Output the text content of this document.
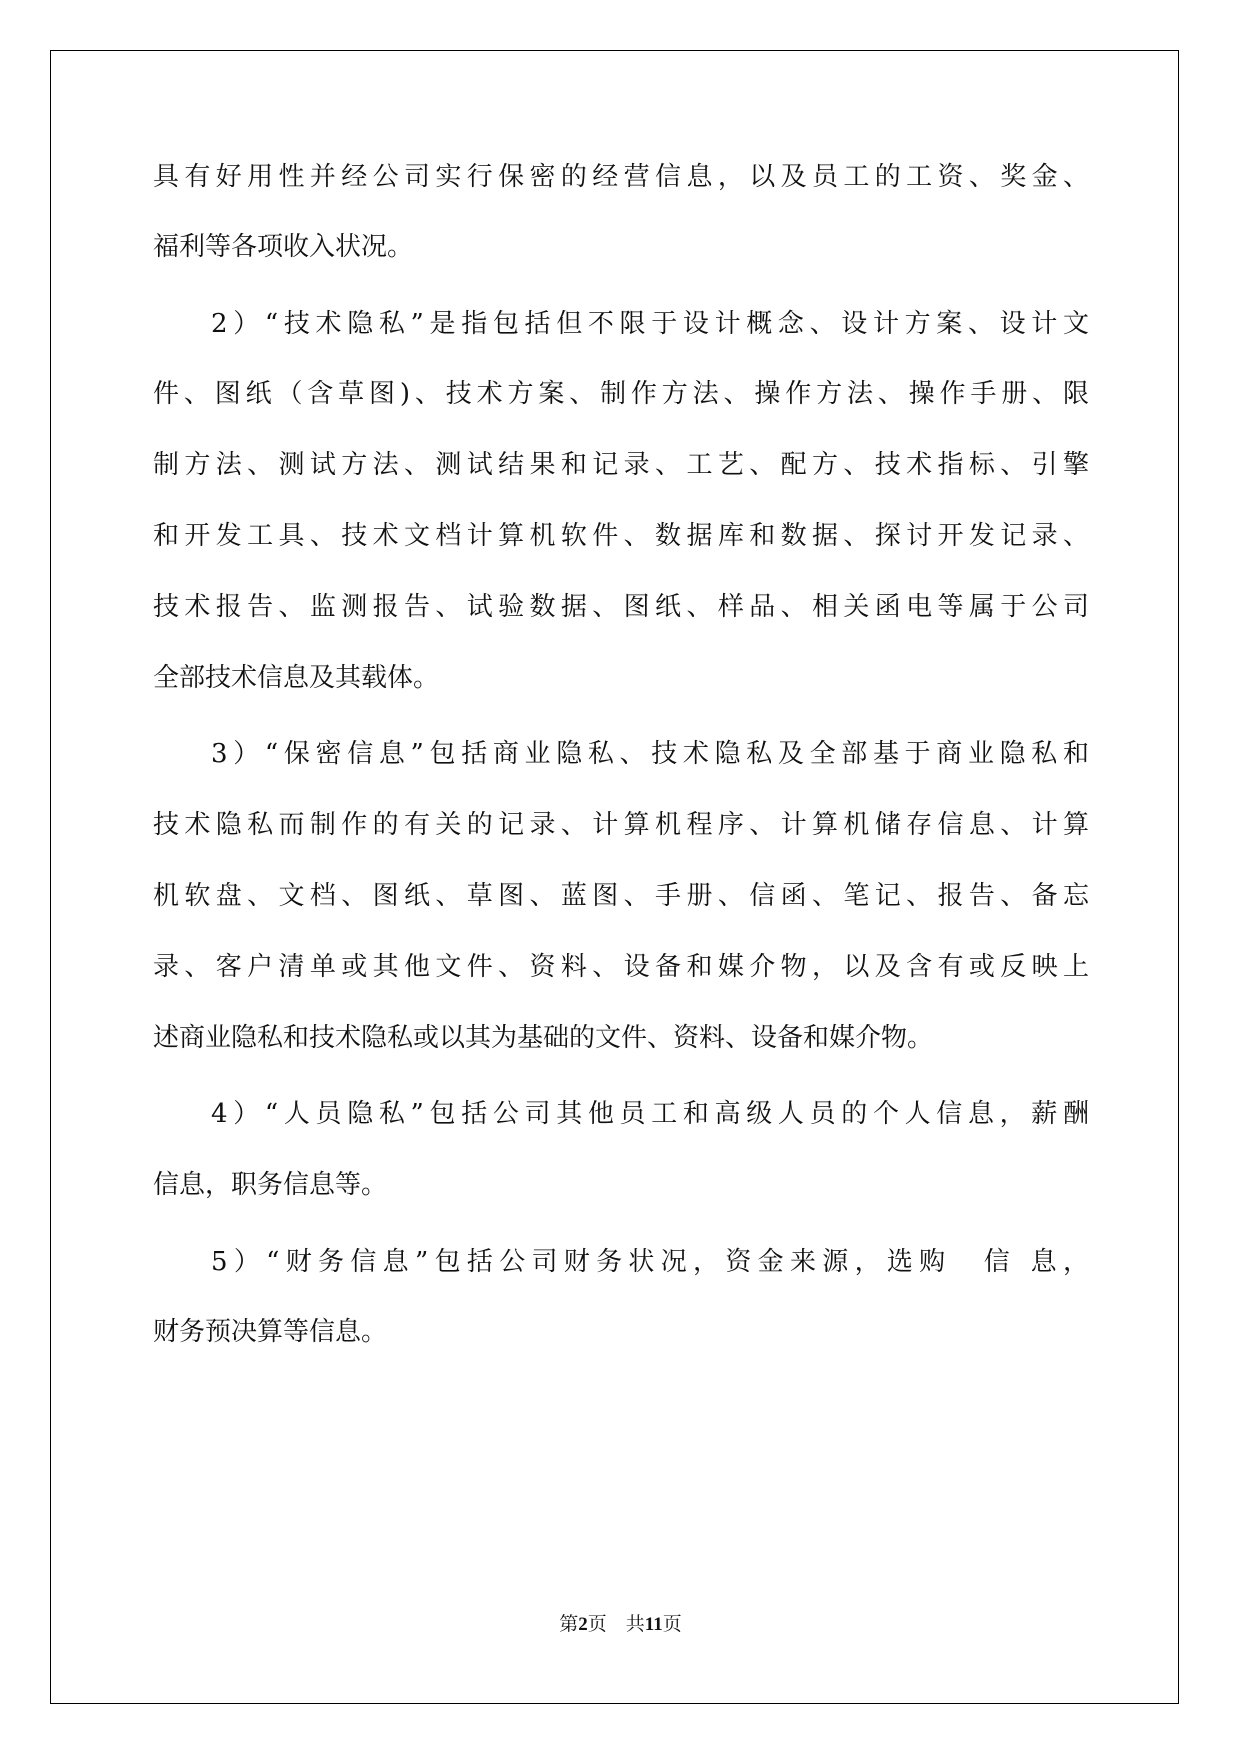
具有好用性并经公司实行保密的经营信息，以及员工的工资、奖金、
福利等各项收入状况。
2）“技术隐私”是指包括但不限于设计概念、设计方案、设计文
件、图纸（含草图)、技术方案、制作方法、操作方法、操作手册、限
制方法、测试方法、测试结果和记录、工艺、配方、技术指标、引擎
和开发工具、技术文档计算机软件、数据库和数据、探讨开发记录、
技术报告、监测报告、试验数据、图纸、样品、相关函电等属于公司
全部技术信息及其载体。
3）“保密信息”包括商业隐私、技术隐私及全部基于商业隐私和
技术隐私而制作的有关的记录、计算机程序、计算机储存信息、计算
机软盘、文档、图纸、草图、蓝图、手册、信函、笔记、报告、备忘
录、客户清单或其他文件、资料、设备和媒介物，以及含有或反映上
述商业隐私和技术隐私或以其为基础的文件、资料、设备和媒介物。
4）“人员隐私”包括公司其他员工和高级人员的个人信息，薪酬
信息，职务信息等。
5）“财务信息”包括公司财务状况，资金来源，选购　信 息，
财务预决算等信息。
第2页 共11页
